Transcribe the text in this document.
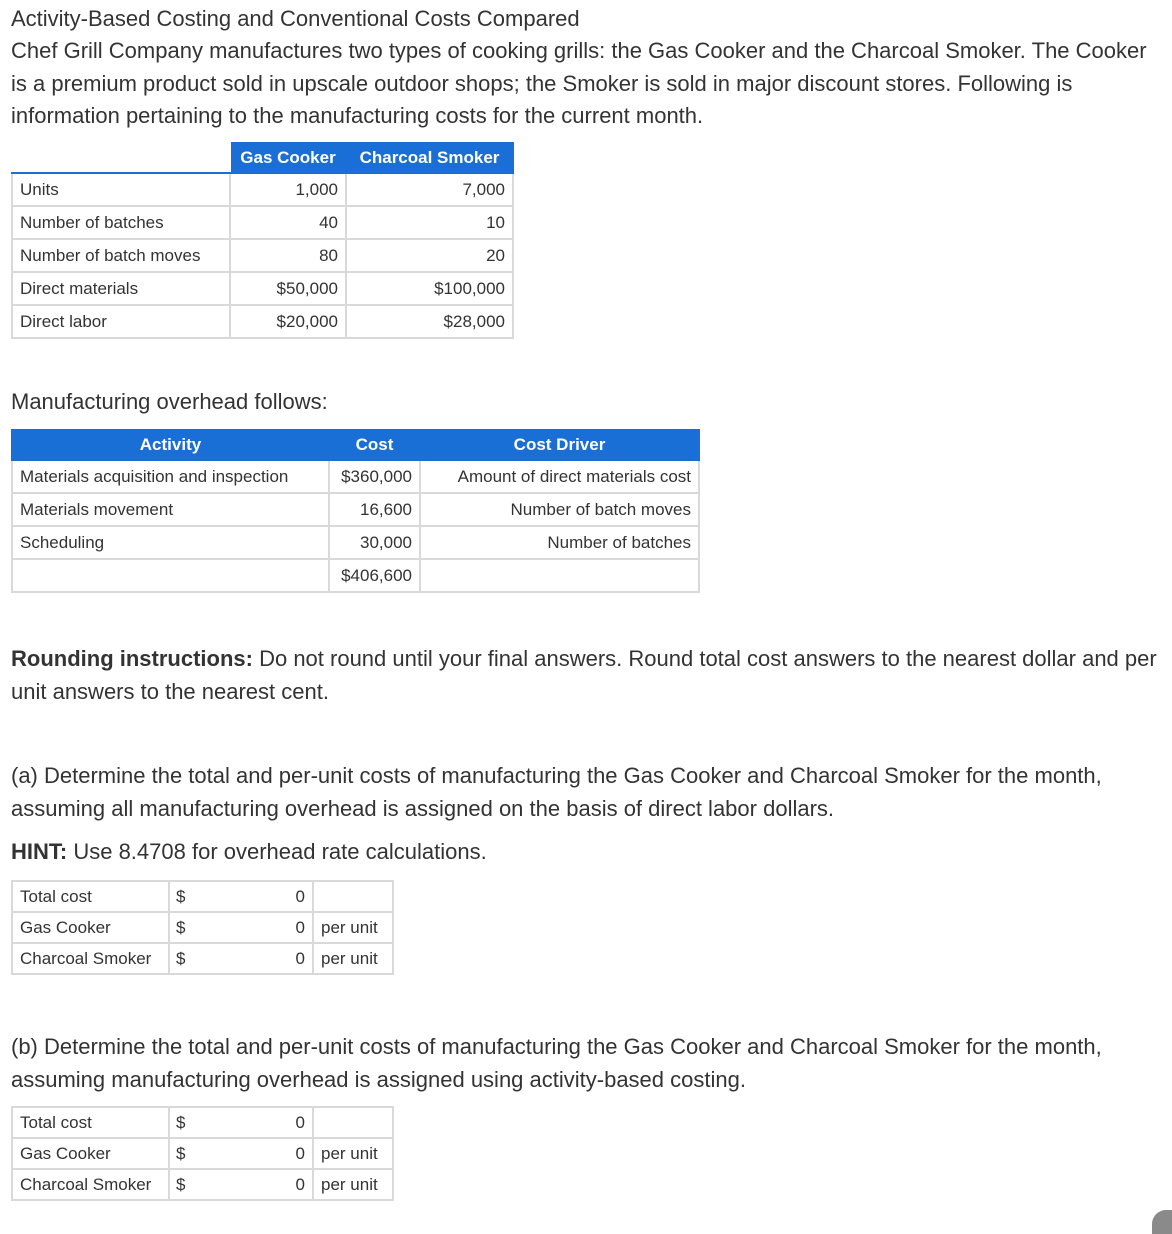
Activity-Based Costing and Conventional Costs Compared
Chef Grill Company manufactures two types of cooking grills: the Gas Cooker and the Charcoal Smoker. The Cooker is a premium product sold in upscale outdoor shops; the Smoker is sold in major discount stores. Following is information pertaining to the manufacturing costs for the current month.
	Gas Cooker	Charcoal Smoker
Units	1,000	7,000
Number of batches	40	10
Number of batch moves	80	20
Direct materials	$50,000	$100,000
Direct labor	$20,000	$28,000
Manufacturing overhead follows:
Activity	Cost	Cost Driver
Materials acquisition and inspection	$360,000	Amount of direct materials cost
Materials movement	16,600	Number of batch moves
Scheduling	30,000	Number of batches
	$406,600	
Rounding instructions: Do not round until your final answers. Round total cost answers to the nearest dollar and per unit answers to the nearest cent.
(a) Determine the total and per-unit costs of manufacturing the Gas Cooker and Charcoal Smoker for the month, assuming all manufacturing overhead is assigned on the basis of direct labor dollars.
HINT: Use 8.4708 for overhead rate calculations.
Total cost	$	0	
Gas Cooker	$	0	per unit
Charcoal Smoker	$	0	per unit
(b) Determine the total and per-unit costs of manufacturing the Gas Cooker and Charcoal Smoker for the month, assuming manufacturing overhead is assigned using activity-based costing.
Total cost	$	0	
Gas Cooker	$	0	per unit
Charcoal Smoker	$	0	per unit
